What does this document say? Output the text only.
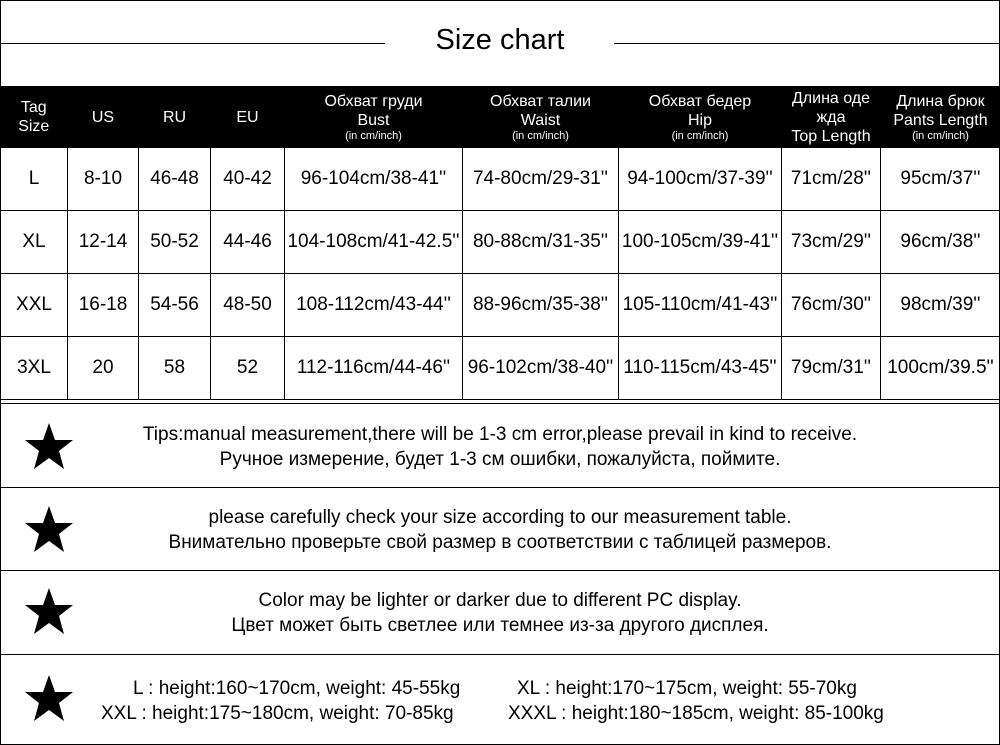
Size chart
Tag
Size	US	RU	EU	Обхват груди
Bust
(in cm/inch)	Обхват талии
Waist
(in cm/inch)	Обхват бедер
Hip
(in cm/inch)	Длина оде
жда
Top Length	Длина брюк
Pants Length
(in cm/inch)

L	8-10	46-48	40-42	96-104cm/38-41''	74-80cm/29-31''	94-100cm/37-39''	71cm/28''	95cm/37''
XL	12-14	50-52	44-46	104-108cm/41-42.5''	80-88cm/31-35''	100-105cm/39-41''	73cm/29''	96cm/38''
XXL	16-18	54-56	48-50	108-112cm/43-44''	88-96cm/35-38''	105-110cm/41-43''	76cm/30''	98cm/39''
3XL	20	58	52	112-116cm/44-46''	96-102cm/38-40''	110-115cm/43-45''	79cm/31''	100cm/39.5''
Tips:manual measurement,there will be 1-3 cm error,please prevail in kind to receive.
Ручное измерение, будет 1-3 см ошибки, пожалуйста, поймите.
please carefully check your size according to our measurement table.
Внимательно проверьте свой размер в соответствии с таблицей размеров.
Color may be lighter or darker due to different PC display.
Цвет может быть светлее или темнее из-за другого дисплея.
L : height:160~170cm, weight: 45-55kg	XL : height:170~175cm, weight: 55-70kg
XXL : height:175~180cm, weight: 70-85kg	XXXL : height:180~185cm, weight: 85-100kg
